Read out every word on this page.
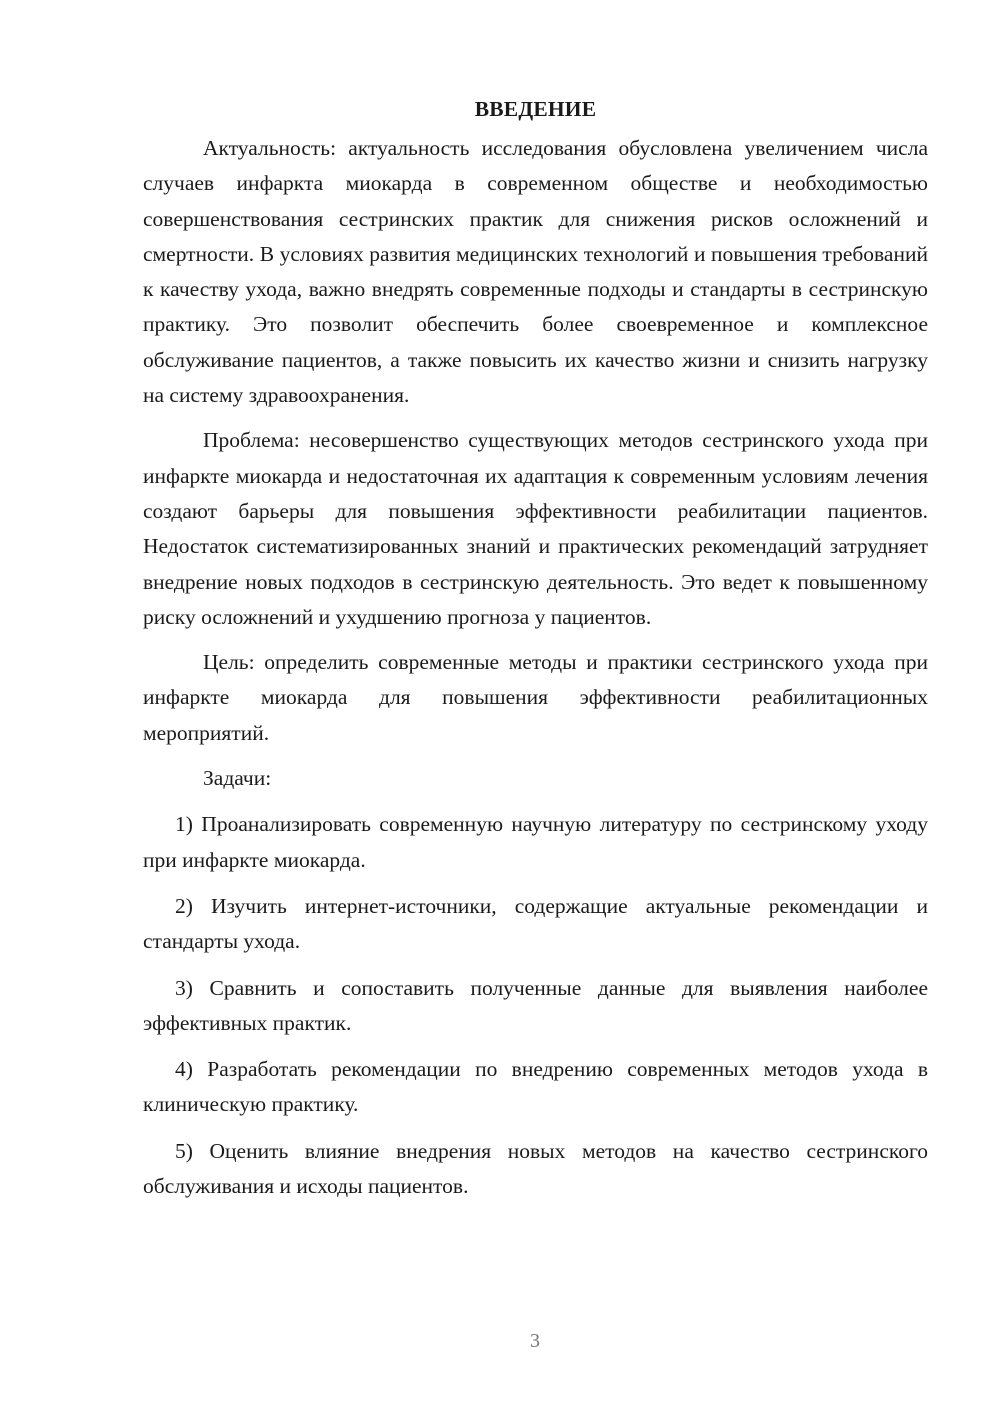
ВВЕДЕНИЕ

Актуальность: актуальность исследования обусловлена увеличением числа случаев инфаркта миокарда в современном обществе и необходимостью совершенствования сестринских практик для снижения рисков осложнений и смертности. В условиях развития медицинских технологий и повышения требований к качеству ухода, важно внедрять современные подходы и стандарты в сестринскую практику. Это позволит обеспечить более своевременное и комплексное обслуживание пациентов, а также повысить их качество жизни и снизить нагрузку на систему здравоохранения.

Проблема: несовершенство существующих методов сестринского ухода при инфаркте миокарда и недостаточная их адаптация к современным условиям лечения создают барьеры для повышения эффективности реабилитации пациентов. Недостаток систематизированных знаний и практических рекомендаций затрудняет внедрение новых подходов в сестринскую деятельность. Это ведет к повышенному риску осложнений и ухудшению прогноза у пациентов.

Цель: определить современные методы и практики сестринского ухода при инфаркте миокарда для повышения эффективности реабилитационных мероприятий.

Задачи:

1) Проанализировать современную научную литературу по сестринскому уходу при инфаркте миокарда.

2) Изучить интернет-источники, содержащие актуальные рекомендации и стандарты ухода.

3) Сравнить и сопоставить полученные данные для выявления наиболее эффективных практик.

4) Разработать рекомендации по внедрению современных методов ухода в клиническую практику.

5) Оценить влияние внедрения новых методов на качество сестринского обслуживания и исходы пациентов.

3
